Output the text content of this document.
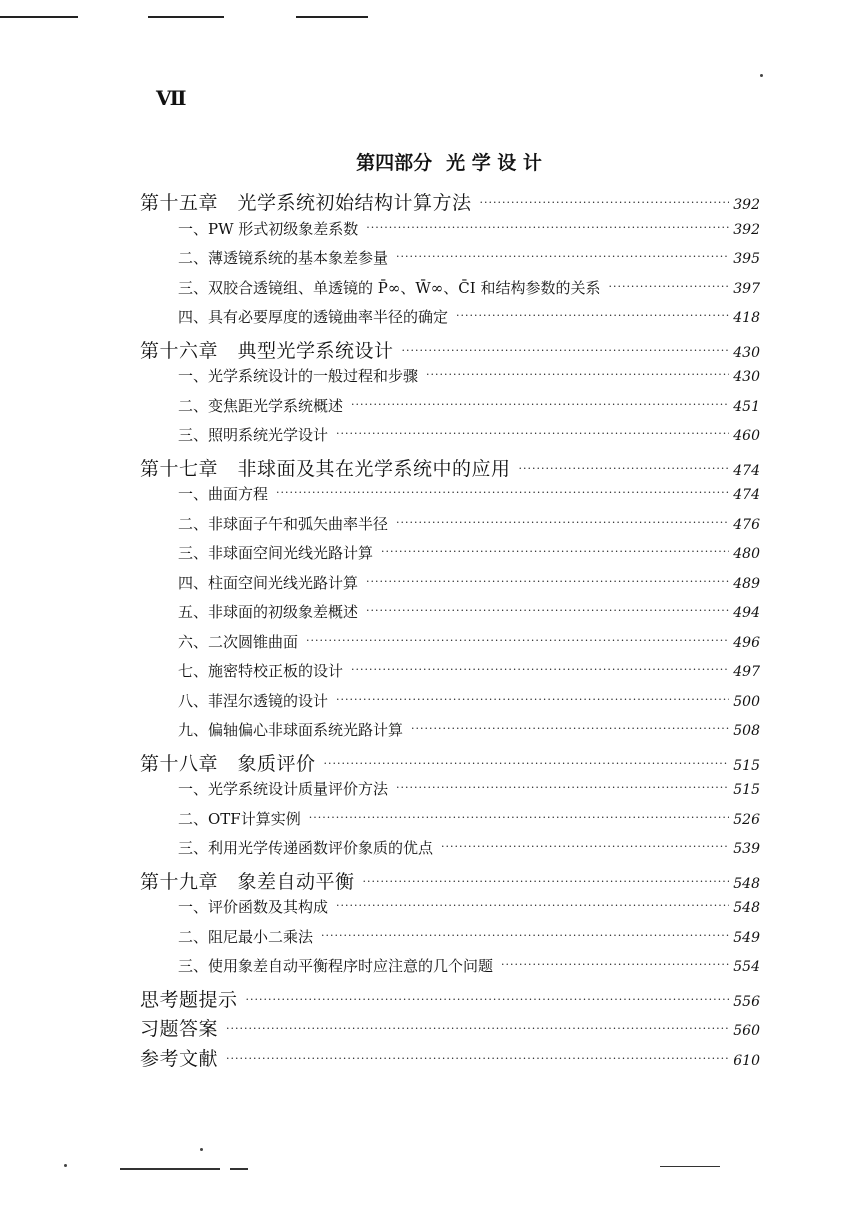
Ⅶ
第四部分 光 学 设 计
第十五章　光学系统初始结构计算方法 ·····	392
一、PW 形式初级象差系数 ·····	392
二、薄透镜系统的基本象差参量 ·····	395
三、双胶合透镜组、单透镜的 P̄∞、W̄∞、C̄Ⅰ 和结构参数的关系 ·····	397
四、具有必要厚度的透镜曲率半径的确定 ·····	418
第十六章　典型光学系统设计 ·····	430
一、光学系统设计的一般过程和步骤 ·····	430
二、变焦距光学系统概述 ·····	451
三、照明系统光学设计 ·····	460
第十七章　非球面及其在光学系统中的应用 ·····	474
一、曲面方程 ·····	474
二、非球面子午和弧矢曲率半径 ·····	476
三、非球面空间光线光路计算 ·····	480
四、柱面空间光线光路计算 ·····	489
五、非球面的初级象差概述 ·····	494
六、二次圆锥曲面 ·····	496
七、施密特校正板的设计 ·····	497
八、菲涅尔透镜的设计 ·····	500
九、偏轴偏心非球面系统光路计算 ·····	508
第十八章　象质评价 ·····	515
一、光学系统设计质量评价方法 ·····	515
二、OTF计算实例 ·····	526
三、利用光学传递函数评价象质的优点 ·····	539
第十九章　象差自动平衡 ·····	548
一、评价函数及其构成 ·····	548
二、阻尼最小二乘法 ·····	549
三、使用象差自动平衡程序时应注意的几个问题 ·····	554
思考题提示 ·····	556
习题答案 ·····	560
参考文献 ·····	610
